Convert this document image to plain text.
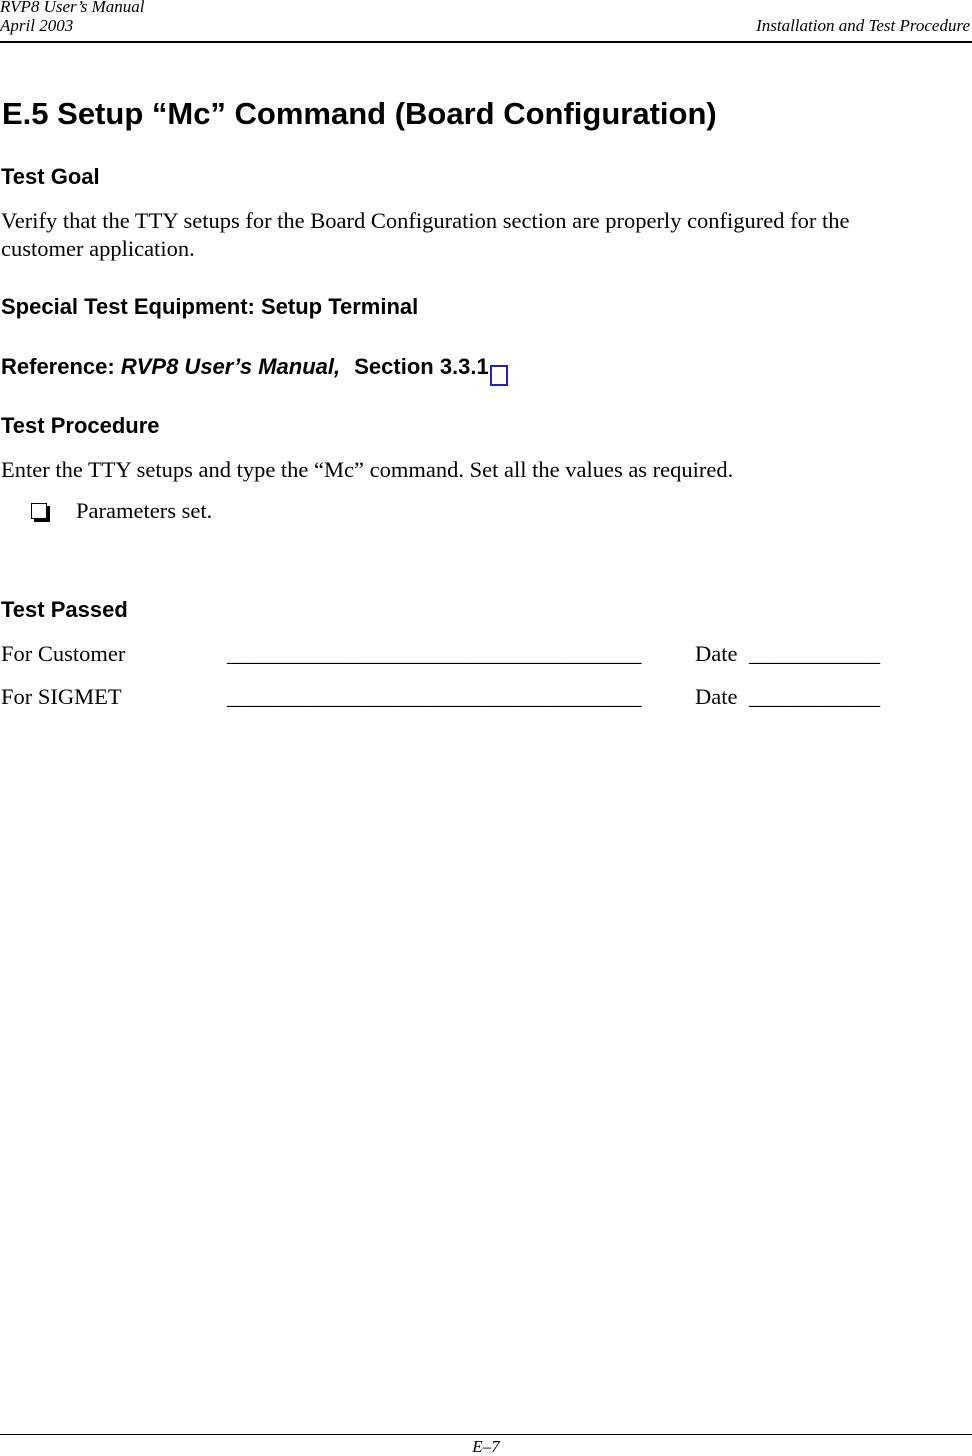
RVP8 User’s Manual
April 2003	Installation and Test Procedure
E.5 Setup “Mc” Command (Board Configuration)
Test Goal
Verify that the TTY setups for the Board Configuration section are properly configured for the
customer application.
Special Test Equipment: Setup Terminal
Reference: RVP8 User’s Manual, Section 3.3.1
Test Procedure
Enter the TTY setups and type the “Mc” command. Set all the values as required.
Parameters set.
Test Passed
For Customer	______________________________________ Date ____________
For SIGMET	______________________________________ Date ____________
E–7
